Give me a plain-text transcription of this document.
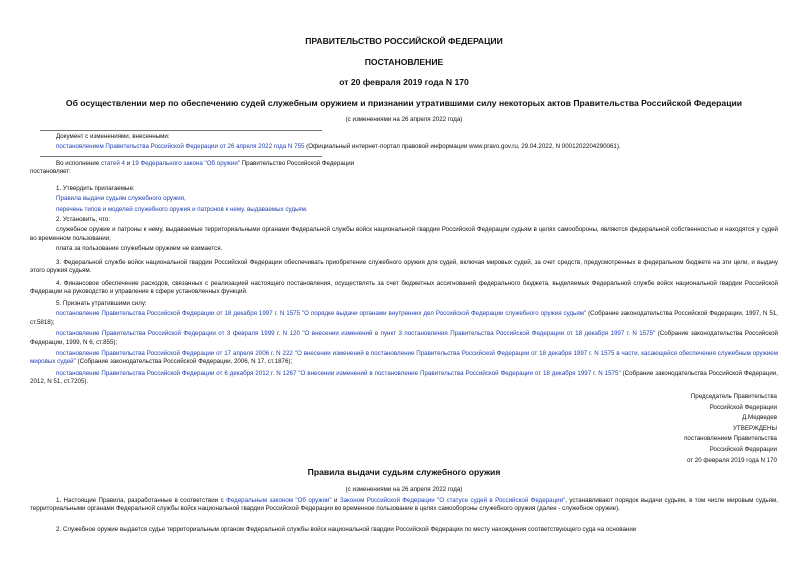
ПРАВИТЕЛЬСТВО РОССИЙСКОЙ ФЕДЕРАЦИИ
ПОСТАНОВЛЕНИЕ
от 20 февраля 2019 года N 170
Об осуществлении мер по обеспечению судей служебным оружием и признании утратившими силу некоторых актов Правительства Российской Федерации
(с изменениями на 26 апреля 2022 года)
Документ с изменениями, внесенными:
постановлением Правительства Российской Федерации от 26 апреля 2022 года N 755 (Официальный интернет-портал правовой информации www.pravo.gov.ru, 29.04.2022, N 0001202204290061).
Во исполнение статей 4 и 19 Федерального закона "Об оружии" Правительство Российской Федерации
постановляет:
1. Утвердить прилагаемые:
Правила выдачи судьям служебного оружия,
перечень типов и моделей служебного оружия и патронов к нему, выдаваемых судьям.
2. Установить, что:
служебное оружие и патроны к нему, выдаваемые территориальными органами Федеральной службы войск национальной гвардии Российской Федерации судьям в целях самообороны, являются федеральной собственностью и находятся у судей во временном пользовании;
плата за пользование служебным оружием не взимается.
3. Федеральной службе войск национальной гвардии Российской Федерации обеспечивать приобретение служебного оружия для судей, включая мировых судей, за счет средств, предусмотренных в федеральном бюджете на эти цели, и выдачу этого оружия судьям.
4. Финансовое обеспечение расходов, связанных с реализацией настоящего постановления, осуществлять за счет бюджетных ассигнований федерального бюджета, выделяемых Федеральной службе войск национальной гвардии Российской Федерации на руководство и управление в сфере установленных функций.
5. Признать утратившими силу:
постановление Правительства Российской Федерации от 18 декабря 1997 г. N 1575 "О порядке выдачи органами внутренних дел Российской Федерации служебного оружия судьям" (Собрание законодательства Российской Федерации, 1997, N 51, ст.5818);
постановление Правительства Российской Федерации от 3 февраля 1999 г. N 120 "О внесении изменений в пункт 3 постановления Правительства Российской Федерации от 18 декабря 1997 г. N 1575" (Собрание законодательства Российской Федерации, 1999, N 6, ст.855);
постановление Правительства Российской Федерации от 17 апреля 2006 г. N 222 "О внесении изменений в постановление Правительства Российской Федерации от 18 декабря 1997 г. N 1575 в части, касающейся обеспечения служебным оружием мировых судей" (Собрание законодательства Российской Федерации, 2006, N 17, ст.1876);
постановление Правительства Российской Федерации от 6 декабря 2012 г. N 1267 "О внесении изменений в постановление Правительства Российской Федерации от 18 декабря 1997 г. N 1575" (Собрание законодательства Российской Федерации, 2012, N 51, ст.7205).
Председатель Правительства
Российской Федерации
Д.Медведев
УТВЕРЖДЕНЫ
постановлением Правительства
Российской Федерации
от 20 февраля 2019 года N 170
Правила выдачи судьям служебного оружия
(с изменениями на 26 апреля 2022 года)
1. Настоящие Правила, разработанные в соответствии с Федеральным законом "Об оружии" и Законом Российской Федерации "О статусе судей в Российской Федерации", устанавливают порядок выдачи судьям, в том числе мировым судьям, территориальными органами Федеральной службы войск национальной гвардии Российской Федерации во временное пользование в целях самообороны служебного оружия (далее - служебное оружие).
2. Служебное оружие выдается судье территориальным органом Федеральной службы войск национальной гвардии Российской Федерации по месту нахождения соответствующего суда на основании
